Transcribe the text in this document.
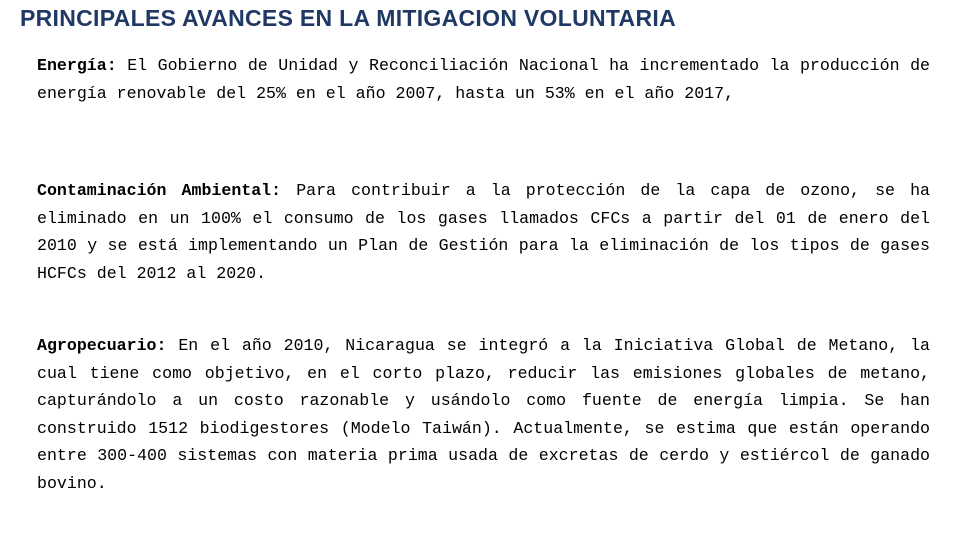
PRINCIPALES AVANCES EN LA MITIGACION VOLUNTARIA

Energía: El Gobierno de Unidad y Reconciliación Nacional ha incrementado la producción de energía renovable del 25% en el año 2007, hasta un 53% en el año 2017,

Contaminación Ambiental: Para contribuir a la protección de la capa de ozono, se ha eliminado en un 100% el consumo de los gases llamados CFCs a partir del 01 de enero del 2010 y se está implementando un Plan de Gestión para la eliminación de los tipos de gases HCFCs del 2012 al 2020.

Agropecuario: En el año 2010, Nicaragua se integró a la Iniciativa Global de Metano, la cual tiene como objetivo, en el corto plazo, reducir las emisiones globales de metano, capturándolo a un costo razonable y usándolo como fuente de energía limpia. Se han construido 1512 biodigestores (Modelo Taiwán). Actualmente, se estima que están operando entre 300-400 sistemas con materia prima usada de excretas de cerdo y estiércol de ganado bovino.
